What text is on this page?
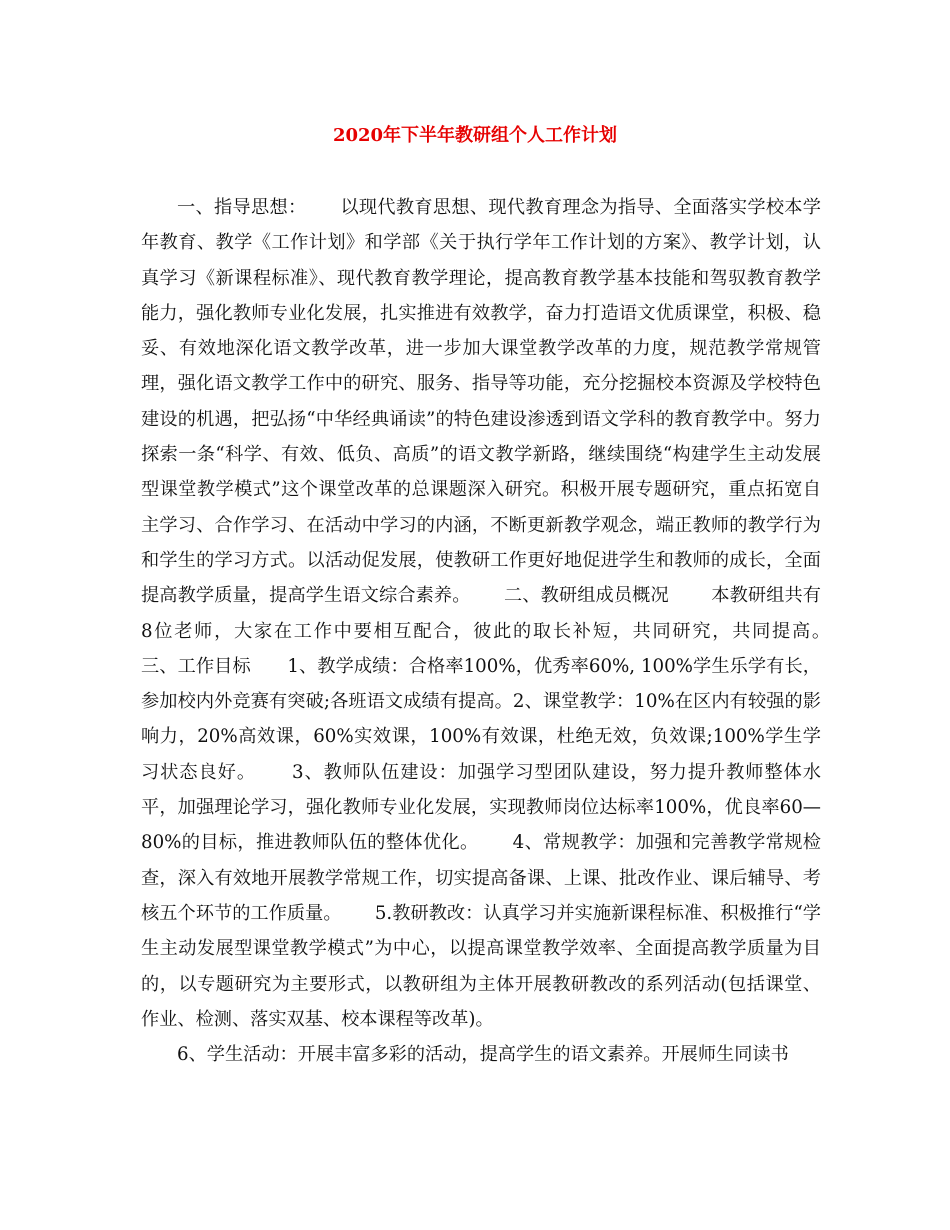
2020年下半年教研组个人工作计划

一、指导思想：　　 以现代教育思想、现代教育理念为指导、全面落实学校本学年教育、教学《工作计划》和学部《关于执行学年工作计划的方案》、教学计划，认真学习《新课程标准》、现代教育教学理论，提高教育教学基本技能和驾驭教育教学能力，强化教师专业化发展，扎实推进有效教学，奋力打造语文优质课堂，积极、稳妥、有效地深化语文教学改革，进一步加大课堂教学改革的力度，规范教学常规管理，强化语文教学工作中的研究、服务、指导等功能，充分挖掘校本资源及学校特色建设的机遇，把弘扬“中华经典诵读”的特色建设渗透到语文学科的教育教学中。努力探索一条“科学、有效、低负、高质”的语文教学新路，继续围绕“构建学生主动发展型课堂教学模式”这个课堂改革的总课题深入研究。积极开展专题研究，重点拓宽自主学习、合作学习、在活动中学习的内涵，不断更新教学观念，端正教师的教学行为和学生的学习方式。以活动促发展，使教研工作更好地促进学生和教师的成长，全面提高教学质量，提高学生语文综合素养。　　 二、教研组成员概况　　 本教研组共有8位老师，大家在工作中要相互配合，彼此的取长补短，共同研究，共同提高。　　 三、工作目标　　1、教学成绩：合格率100%，优秀率60%, 100%学生乐学有长，参加校内外竞赛有突破;各班语文成绩有提高。2、课堂教学：10%在区内有较强的影响力，20%高效课，60%实效课，100%有效课，杜绝无效，负效课;100%学生学习状态良好。　　 3、教师队伍建设：加强学习型团队建设，努力提升教师整体水平，加强理论学习，强化教师专业化发展，实现教师岗位达标率100%，优良率60—80%的目标，推进教师队伍的整体优化。　　 4、常规教学：加强和完善教学常规检查，深入有效地开展教学常规工作，切实提高备课、上课、批改作业、课后辅导、考核五个环节的工作质量。　　 5.教研教改：认真学习并实施新课程标准、积极推行“学生主动发展型课堂教学模式”为中心，以提高课堂教学效率、全面提高教学质量为目的，以专题研究为主要形式，以教研组为主体开展教研教改的系列活动(包括课堂、作业、检测、落实双基、校本课程等改革)。

6、学生活动：开展丰富多彩的活动，提高学生的语文素养。开展师生同读书
